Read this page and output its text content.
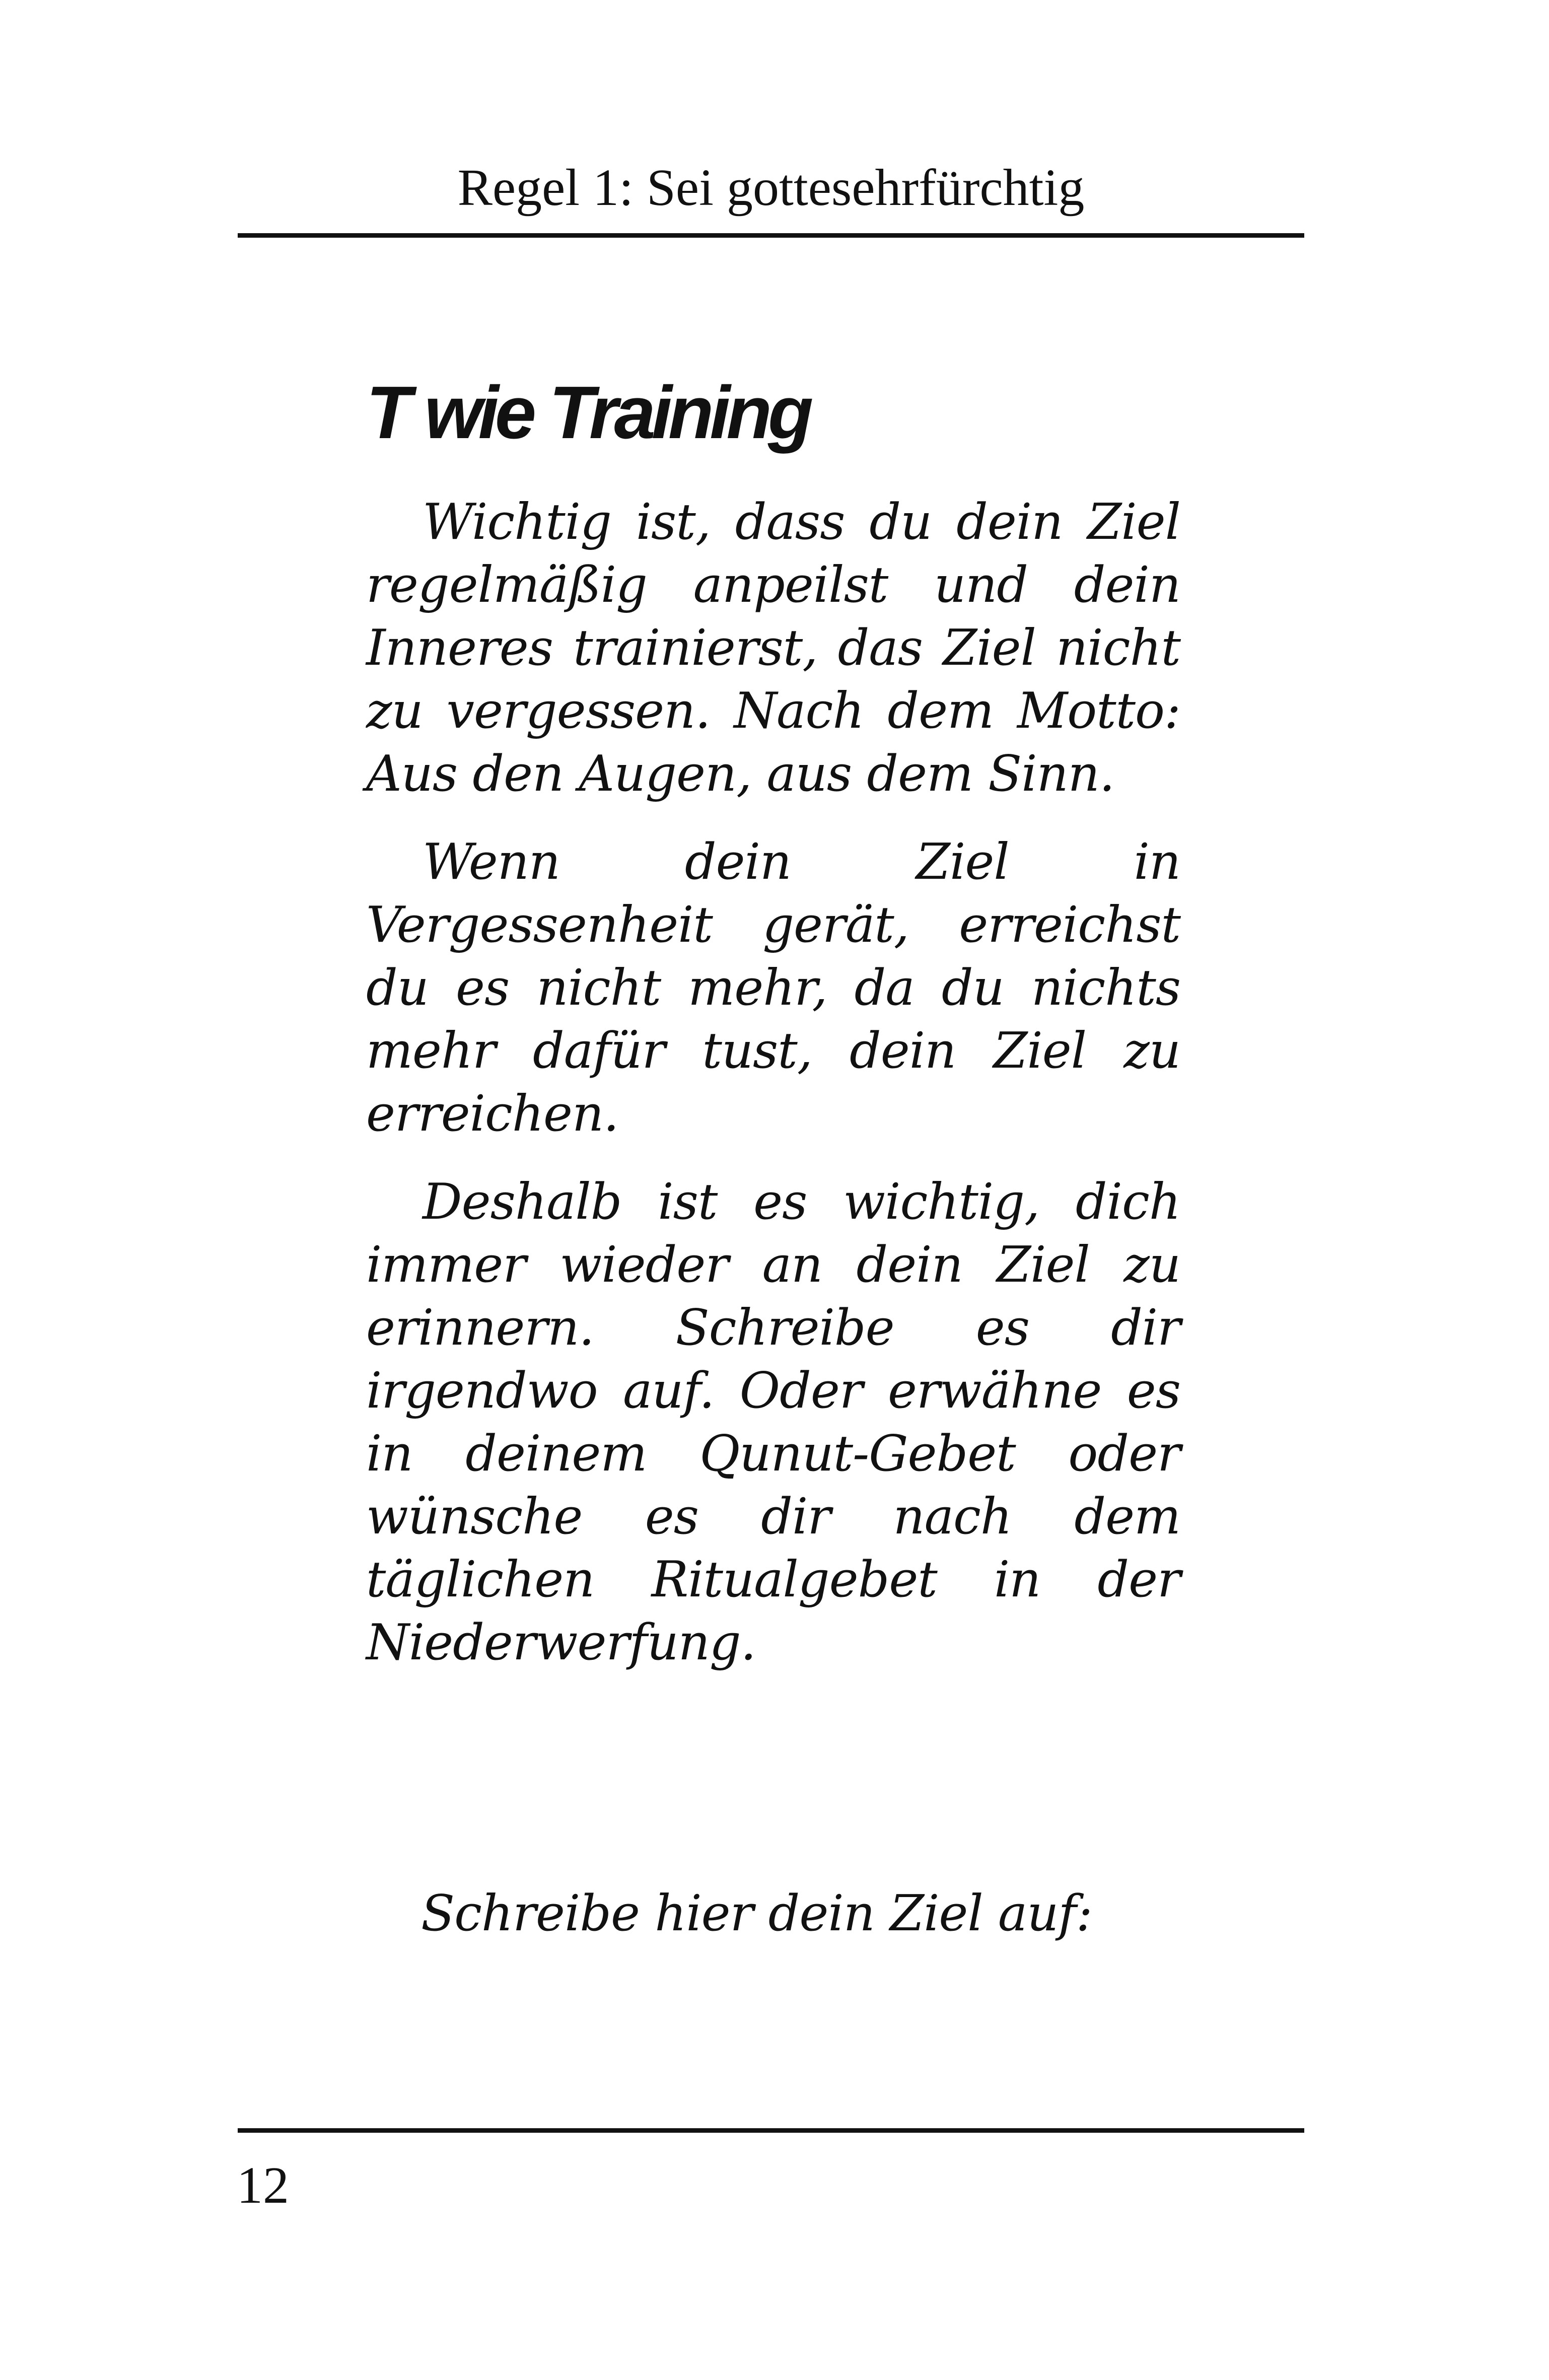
Regel 1: Sei gottesehrfürchtig
T wie Training

Wichtig ist, dass du dein Ziel regelmäßig anpeilst und dein Inneres trainierst, das Ziel nicht zu vergessen. Nach dem Motto: Aus den Augen, aus dem Sinn.

Wenn dein Ziel in Vergessenheit gerät, erreichst du es nicht mehr, da du nichts mehr dafür tust, dein Ziel zu erreichen.

Deshalb ist es wichtig, dich immer wieder an dein Ziel zu erinnern. Schreibe es dir irgendwo auf. Oder erwähne es in deinem Qunut-Gebet oder wünsche es dir nach dem täglichen Ritualgebet in der Niederwerfung.

Schreibe hier dein Ziel auf:
12
